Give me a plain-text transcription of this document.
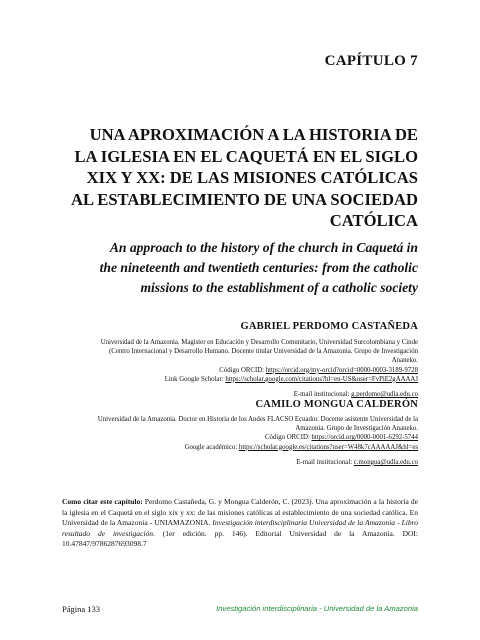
CAPÍTULO 7
UNA APROXIMACIÓN A LA HISTORIA DE
LA IGLESIA EN EL CAQUETÁ EN EL SIGLO
XIX Y XX: DE LAS MISIONES CATÓLICAS
AL ESTABLECIMIENTO DE UNA SOCIEDAD
CATÓLICA
An approach to the history of the church in Caquetá in
the nineteenth and twentieth centuries: from the catholic
missions to the establishment of a catholic society
GABRIEL PERDOMO CASTAÑEDA
Universidad de la Amazonia. Magister en Educación y Desarrollo Comunitario, Universidad Surcolombiana y Cinde
(Centro Internacional y Desarrollo Humano. Docente titular Universidad de la Amazonia. Grupo de Investigación
Ananeko.
Código ORCID: https://orcid.org/my-orcid?orcid=0000-0003-3189-9728
Link Google Scholar: https://scholar.google.com/citations?hl=en-US&user=FvPiE2gAAAAJ
E-mail institucional: g.perdomo@udla.edu.co
CAMILO MONGUA CALDERÓN
Universidad de la Amazonia. Doctor en Historia de los Andes FLACSO Ecuador. Docente asistente Universidad de la
Amazonia. Grupo de Investigación Ananeko.
Código ORCID: https://orcid.org/0000-0001-6292-5744
Google académico: https://scholar.google.es/citations?user=W48k7cAAAAAJ&hl=es
E-mail institucional: c.mongua@udla.edu.co
Como citar este capítulo: Perdomo Castañeda, G. y Mongua Calderón, C. (2023). Una aproximación a la historia de la iglesia en el Caquetá en el siglo xix y xx: de las misiones católicas al establecimiento de una sociedad católica. En Universidad de la Amazonia - UNIAMAZONIA. Investigación interdisciplinaria Universidad de la Amazonia - Libro resultado de investigación. (1er edición. pp. 146). Editorial Universidad de la Amazonia. DOI: 10.47847/9786287693098.7
Página 133	Investigación interdisciplinaria - Universidad de la Amazonia
